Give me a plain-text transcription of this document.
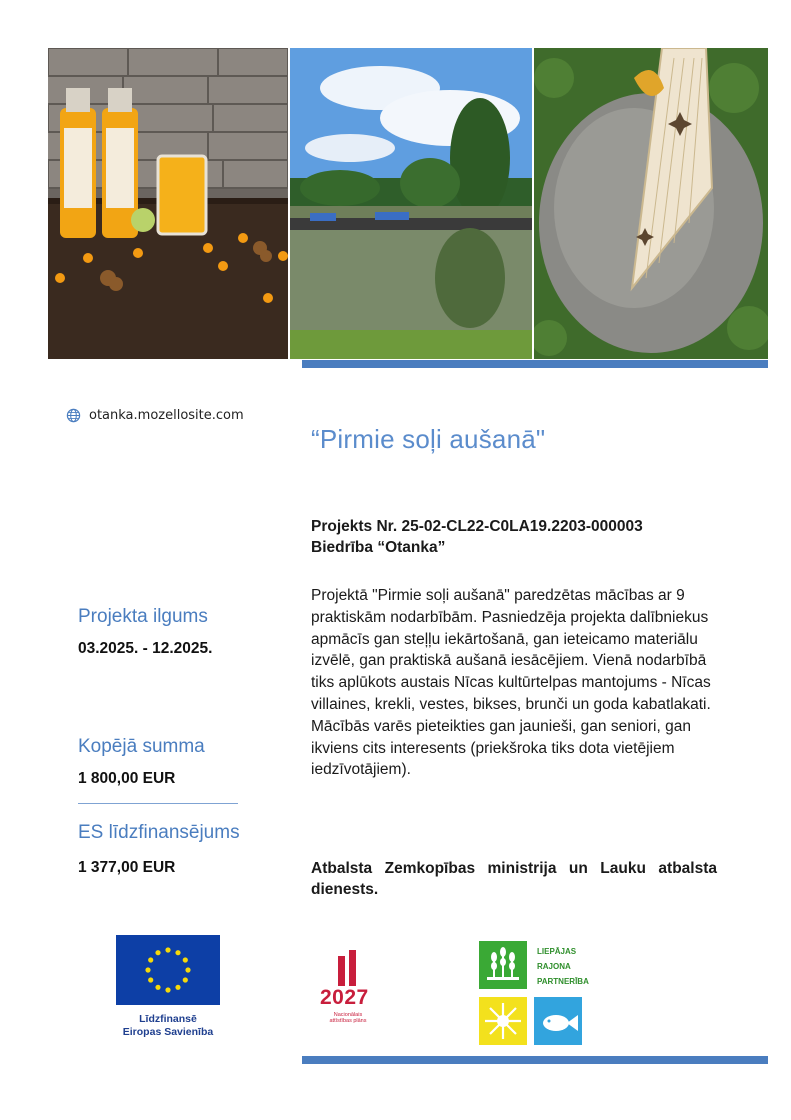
otanka.mozellosite.com
“Pirmie soļi aušanā"
Projekts Nr. 25-02-CL22-C0LA19.2203-000003
Biedrība “Otanka”
Projektā "Pirmie soļi aušanā" paredzētas mācības ar 9 praktiskām nodarbībām. Pasniedzēja projekta dalībniekus apmācīs gan steļļu iekārtošanā, gan ieteicamo materiālu izvēlē, gan praktiskā aušanā iesācējiem. Vienā nodarbībā tiks aplūkots austais Nīcas kultūrtelpas mantojums - Nīcas villaines, krekli, vestes, bikses, brunči un goda kabatlakati. Mācībās varēs pieteikties gan jaunieši, gan seniori, gan ikviens cits interesents (priekšroka tiks dota vietējiem iedzīvotājiem).
Atbalsta Zemkopības ministrija un Lauku atbalsta dienests.
Projekta ilgums
03.2025. - 12.2025.
Kopējā summa
1 800,00 EUR
ES līdzfinansējums
1 377,00 EUR
Līdzfinansē
Eiropas Savienība
2027
Nacionālais
attīstības plāns
LIEPĀJAS
RAJONA
PARTNERĪBA
